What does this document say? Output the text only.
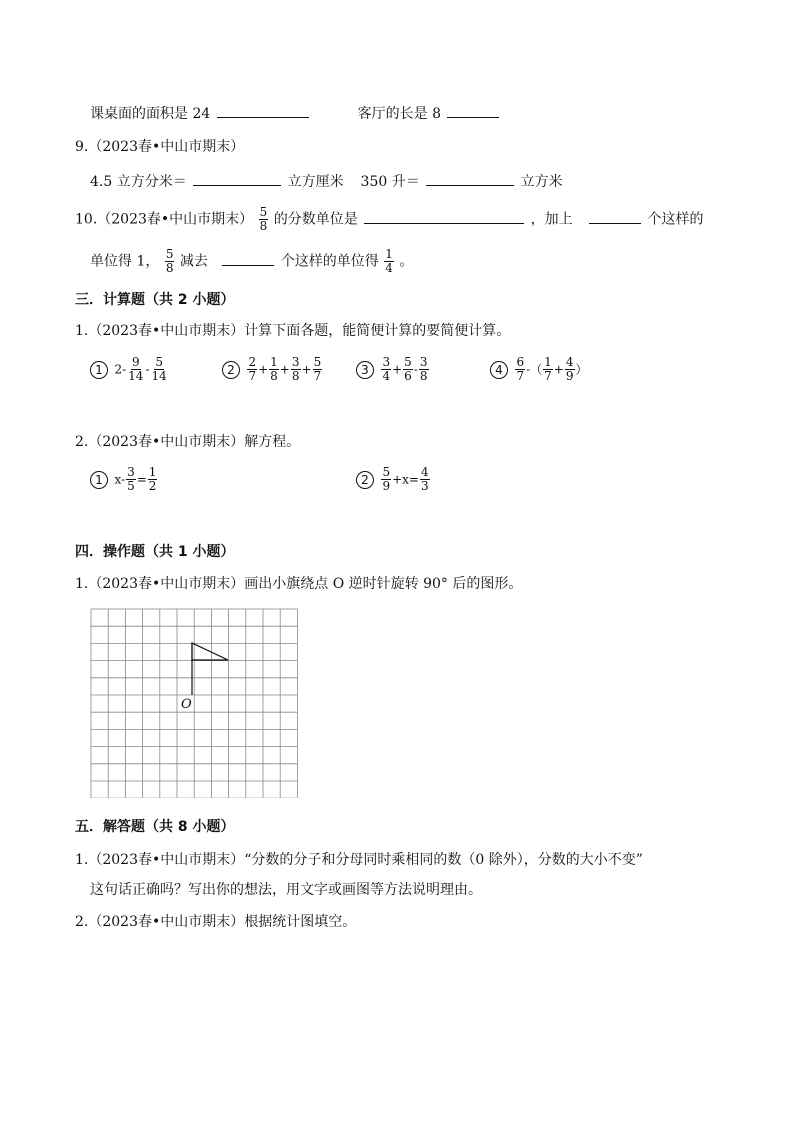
课桌面的面积是 24	客厅的长是 8
9.（2023春•中山市期末）
4.5 立方分米＝	立方厘米 350 升＝	立方米
10.（2023春•中山市期末） $\frac{5}{8}$ 的分数单位是	，加上	个这样的
单位得 1， $\frac{5}{8}$ 减去	个这样的单位得 $\frac{1}{4}$ 。
三．计算题（共 2 小题）
1.（2023春•中山市期末）计算下面各题，能简便计算的要简便计算。
1 $2- \frac{9}{14} - \frac{5}{14}$	$2 \frac{2}{7} + \frac{1}{8} + \frac{3}{8} + \frac{5}{7}$	$3 \frac{3}{4} + \frac{5}{6} - \frac{3}{8}$	$4 \frac{6}{7}$ -（ $\frac{1}{7} + \frac{4}{9}$ ）
2.（2023春•中山市期末）解方程。
1 $x- \frac{3}{5} = \frac{1}{2}$	$2 \frac{5}{9} +x= \frac{4}{3}$
四．操作题（共 1 小题）
1.（2023春•中山市期末）画出小旗绕点 O 逆时针旋转 90° 后的图形。
O
五．解答题（共 8 小题）
1.（2023春•中山市期末）“分数的分子和分母同时乘相同的数（0 除外），分数的大小不变”
这句话正确吗？写出你的想法，用文字或画图等方法说明理由。
2.（2023春•中山市期末）根据统计图填空。
